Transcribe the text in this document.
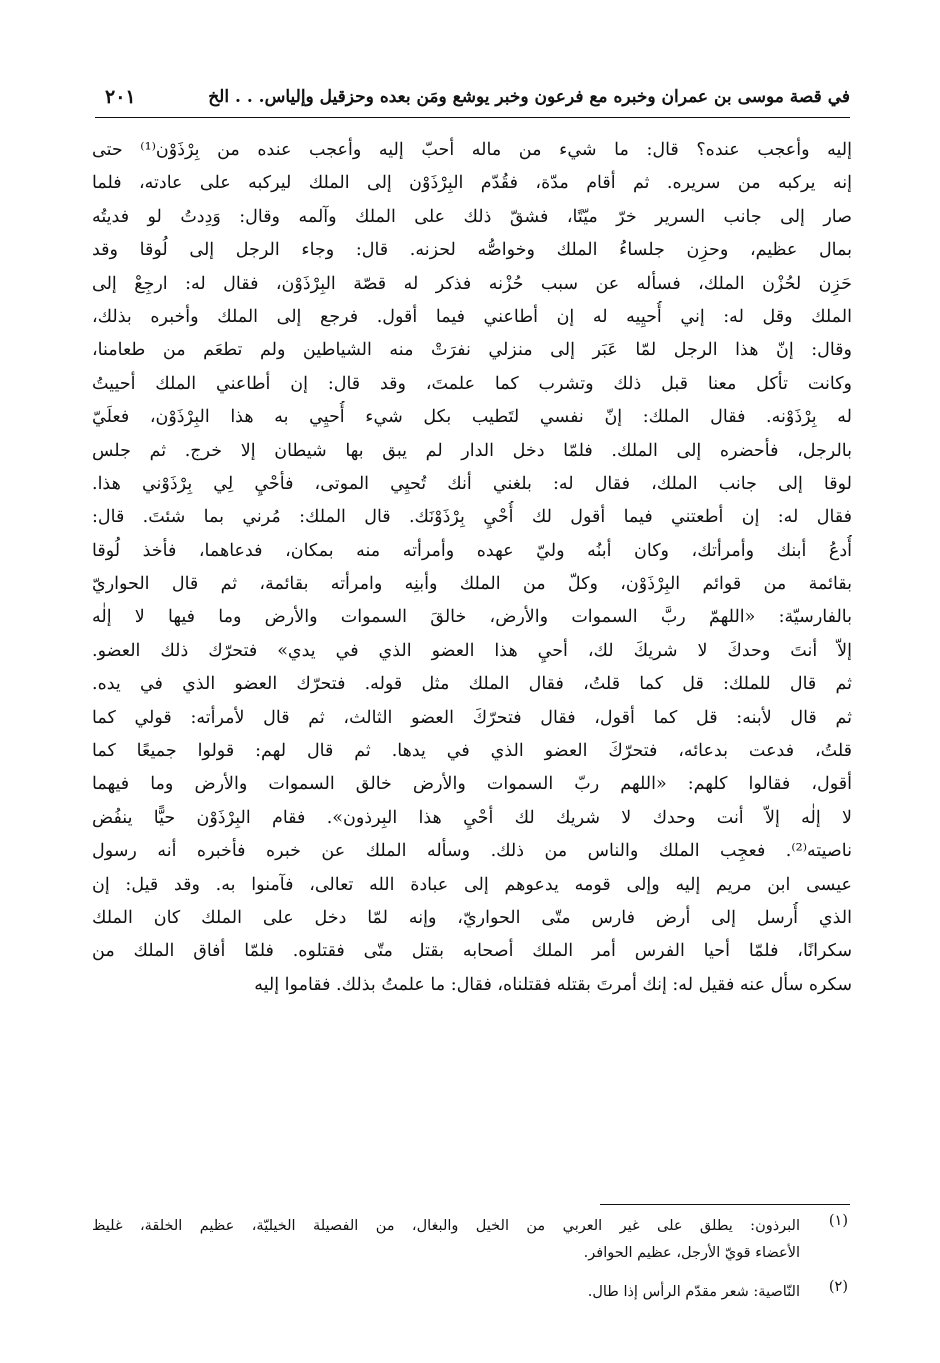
في قصة موسى بن عمران وخبره مع فرعون وخبر يوشع ومَن بعده وحزقيل وإلياس. . . الخ
٢٠١
إليه وأعجب عنده؟ قال: ما شيء من ماله أحبّ إليه وأعجب عنده من بِرْذَوْن⁽¹⁾ حتى
إنه يركبه من سريره. ثم أقام مدّة، فقُدّم البِرْذَوْن إلى الملك ليركبه على عادته، فلما
صار إلى جانب السرير خرّ ميّتًا، فشقّ ذلك على الملك وآلمه وقال: وَدِدتُ لو فديتُه
بمال عظيم، وحزِن جلساءُ الملك وخواصُّه لحزنه. قال: وجاء الرجل إلى لُوقا وقد
حَزِن لحُزْن الملك، فسأله عن سبب حُزْنه فذكر له قصّة البِرْذَوْن، فقال له: ارجِعْ إلى
الملك وقل له: إني أُحيِيه له إن أطاعني فيما أقول. فرجع إلى الملك وأخبره بذلك،
وقال: إنّ هذا الرجل لمّا عَبَر إلى منزلي نفرَتْ منه الشياطين ولم تطعَم من طعامنا،
وكانت تأكل معنا قبل ذلك وتشرب كما علمتَ، وقد قال: إن أطاعني الملك أحييتُ
له بِرْذَوْنه. فقال الملك: إنّ نفسي لتَطيب بكل شيء أُحيِي به هذا البِرْذَوْن، فعلَيّ
بالرجل، فأحضره إلى الملك. فلمّا دخل الدار لم يبق بها شيطان إلا خرج. ثم جلس
لوقا إلى جانب الملك، فقال له: بلغني أنك تُحيِي الموتى، فأحْيِ لِي بِرْذَوْني هذا.
فقال له: إن أطعتني فيما أقول لك أُحْيِ بِرْذَوْنَك. قال الملك: مُرني بما شئتَ. قال:
أُدعُ أبنك وأمرأتك، وكان أبنُه وليّ عهده وأمرأته منه بمكان، فدعاهما، فأخذ لُوقا
بقائمة من قوائم البِرْذَوْن، وكلّ من الملك وأبنِه وامرأته بقائمة، ثم قال الحواريّ
بالفارسيّة: «اللهمّ ربَّ السموات والأرض، خالقَ السموات والأرض وما فيها لا إلٰه
إلاّ أنتَ وحدكَ لا شريكَ لك، أحيِ هذا العضو الذي في يدي» فتحرّك ذلك العضو.
ثم قال للملك: قل كما قلتُ، فقال الملك مثل قوله. فتحرّك العضو الذي في يده.
ثم قال لأبنه: قل كما أقول، فقال فتحرّكَ العضو الثالث، ثم قال لأمرأته: قولي كما
قلتُ، فدعت بدعائه، فتحرّكَ العضو الذي في يدها. ثم قال لهم: قولوا جميعًا كما
أقول، فقالوا كلهم: «اللهم ربّ السموات والأرض خالق السموات والأرض وما فيهما
لا إلٰه إلاّ أنت وحدك لا شريك لك أحْيِ هذا البِرذون». فقام البِرْذَوْن حيًّا ينفُض
ناصيته⁽²⁾. فعجِب الملك والناس من ذلك. وسأله الملك عن خبره فأخبره أنه رسول
عيسى ابن مريم إليه وإلى قومه يدعوهم إلى عبادة الله تعالى، فآمنوا به. وقد قيل: إن
الذي أُرسل إلى أرض فارس متّى الحواريّ، وإنه لمّا دخل على الملك كان الملك
سكرانًا، فلمّا أحيا الفرس أمر الملك أصحابه بقتل متّى فقتلوه. فلمّا أفاق الملك من
سكره سأل عنه فقيل له: إنك أمرتَ بقتله فقتلناه، فقال: ما علمتُ بذلك. فقاموا إليه
(١)
البرذون: يطلق على غير العربي من الخيل والبغال، من الفصيلة الخيليّة، عظيم الخلقة، غليظ
الأعضاء قويّ الأرجل، عظيم الحوافر.
(٢)
النّاصية: شعر مقدّم الرأس إذا طال.
